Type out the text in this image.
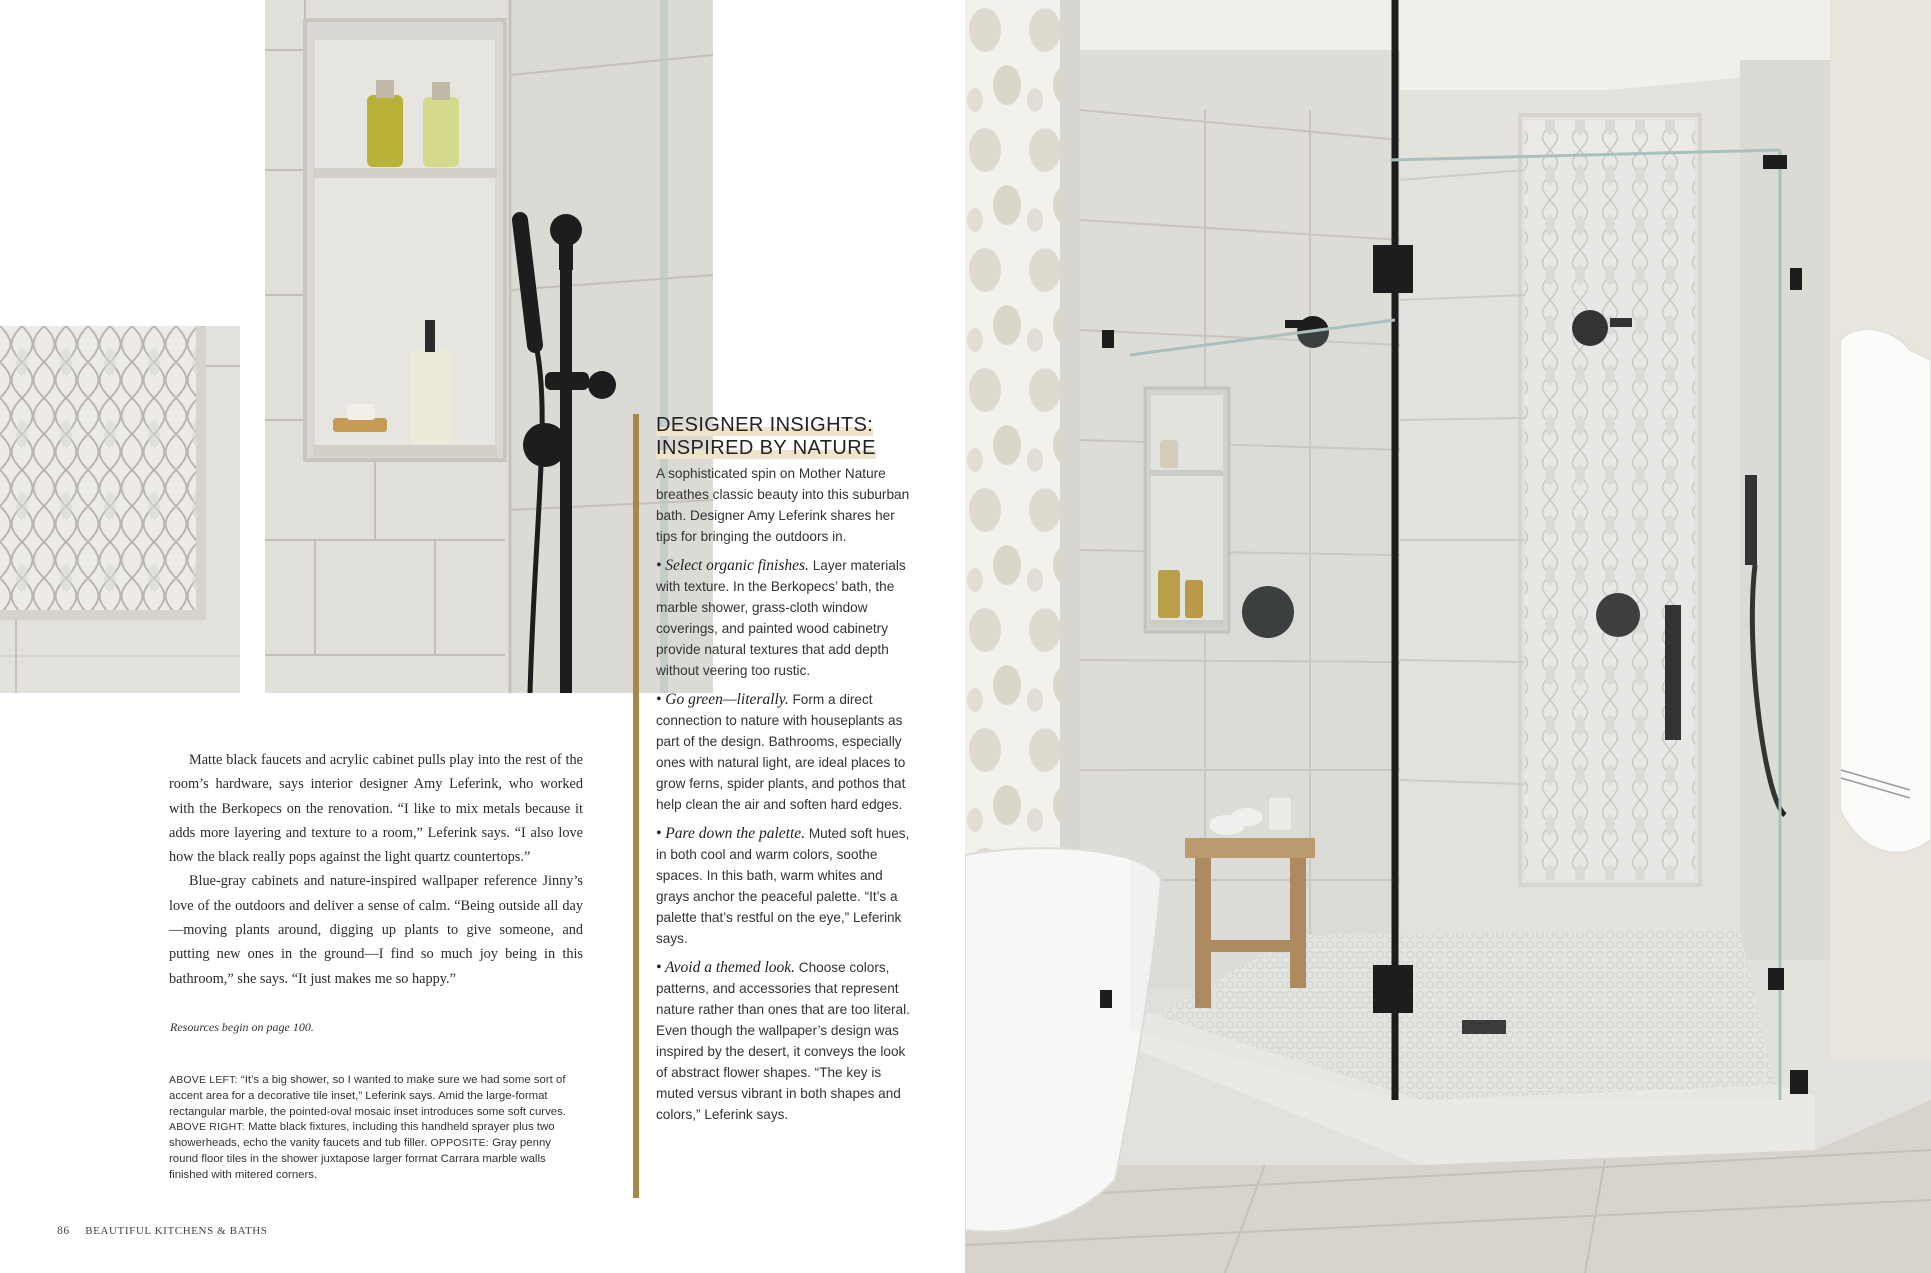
Matte black faucets and acrylic cabinet pulls play into the rest of the room’s hardware, says interior designer Amy Leferink, who worked with the Berkopecs on the renovation. “I like to mix metals because it adds more layering and texture to a room,” Leferink says. “I also love how the black really pops against the light quartz countertops.”

Blue-gray cabinets and nature-inspired wallpaper reference Jinny’s love of the outdoors and deliver a sense of calm. “Being outside all day—moving plants around, digging up plants to give someone, and putting new ones in the ground—I find so much joy being in this bathroom,” she says. “It just makes me so happy.”

Resources begin on page 100.
ABOVE LEFT: “It’s a big shower, so I wanted to make sure we had some sort of accent area for a decorative tile inset,” Leferink says. Amid the large-format rectangular marble, the pointed-oval mosaic inset introduces some soft curves. ABOVE RIGHT: Matte black fixtures, including this handheld sprayer plus two showerheads, echo the vanity faucets and tub filler. OPPOSITE: Gray penny round floor tiles in the shower juxtapose larger format Carrara marble walls finished with mitered corners.
86 BEAUTIFUL KITCHENS & BATHS
DESIGNER INSIGHTS:
INSPIRED BY NATURE

A sophisticated spin on Mother Nature breathes classic beauty into this suburban bath. Designer Amy Leferink shares her tips for bringing the outdoors in.

• Select organic finishes. Layer materials with texture. In the Berkopecs’ bath, the marble shower, grass-cloth window coverings, and painted wood cabinetry provide natural textures that add depth without veering too rustic.

• Go green—literally. Form a direct connection to nature with houseplants as part of the design. Bathrooms, especially ones with natural light, are ideal places to grow ferns, spider plants, and pothos that help clean the air and soften hard edges.

• Pare down the palette. Muted soft hues, in both cool and warm colors, soothe spaces. In this bath, warm whites and grays anchor the peaceful palette. “It’s a palette that’s restful on the eye,” Leferink says.

• Avoid a themed look. Choose colors, patterns, and accessories that represent nature rather than ones that are too literal. Even though the wallpaper’s design was inspired by the desert, it conveys the look of abstract flower shapes. “The key is muted versus vibrant in both shapes and colors,” Leferink says.
